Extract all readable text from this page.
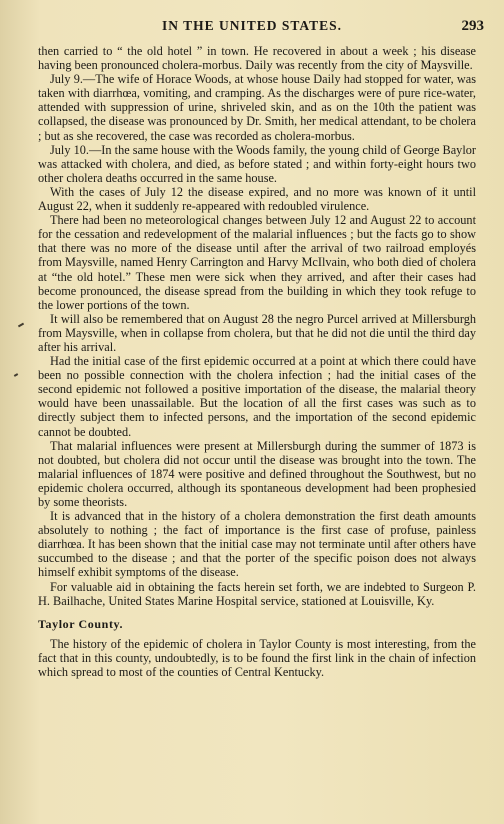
IN THE UNITED STATES.	293

then carried to “ the old hotel ” in town. He recovered in about a week ; his disease having been pronounced cholera-morbus. Daily was recently from the city of Maysville.

July 9.—The wife of Horace Woods, at whose house Daily had stopped for water, was taken with diarrhœa, vomiting, and cramping. As the discharges were of pure rice-water, attended with suppression of urine, shriveled skin, and as on the 10th the patient was collapsed, the disease was pronounced by Dr. Smith, her medical attendant, to be cholera ; but as she recovered, the case was recorded as cholera-morbus.

July 10.—In the same house with the Woods family, the young child of George Baylor was attacked with cholera, and died, as before stated ; and within forty-eight hours two other cholera deaths occurred in the same house.

With the cases of July 12 the disease expired, and no more was known of it until August 22, when it suddenly re-appeared with redoubled virulence.

There had been no meteorological changes between July 12 and August 22 to account for the cessation and redevelopment of the malarial influences ; but the facts go to show that there was no more of the disease until after the arrival of two railroad employés from Maysville, named Henry Carrington and Harvy McIlvain, who both died of cholera at “the old hotel.” These men were sick when they arrived, and after their cases had become pronounced, the disease spread from the building in which they took refuge to the lower portions of the town.

It will also be remembered that on August 28 the negro Purcel arrived at Millersburgh from Maysville, when in collapse from cholera, but that he did not die until the third day after his arrival.

Had the initial case of the first epidemic occurred at a point at which there could have been no possible connection with the cholera infection ; had the initial cases of the second epidemic not followed a positive importation of the disease, the malarial theory would have been unassailable. But the location of all the first cases was such as to directly subject them to infected persons, and the importation of the second epidemic cannot be doubted.

That malarial influences were present at Millersburgh during the summer of 1873 is not doubted, but cholera did not occur until the disease was brought into the town. The malarial influences of 1874 were positive and defined throughout the Southwest, but no epidemic cholera occurred, although its spontaneous development had been prophesied by some theorists.

It is advanced that in the history of a cholera demonstration the first death amounts absolutely to nothing ; the fact of importance is the first case of profuse, painless diarrhœa. It has been shown that the initial case may not terminate until after others have succumbed to the disease ; and that the porter of the specific poison does not always himself exhibit symptoms of the disease.

For valuable aid in obtaining the facts herein set forth, we are indebted to Surgeon P. H. Bailhache, United States Marine Hospital service, stationed at Louisville, Ky.

Taylor County.

The history of the epidemic of cholera in Taylor County is most interesting, from the fact that in this county, undoubtedly, is to be found the first link in the chain of infection which spread to most of the counties of Central Kentucky.
